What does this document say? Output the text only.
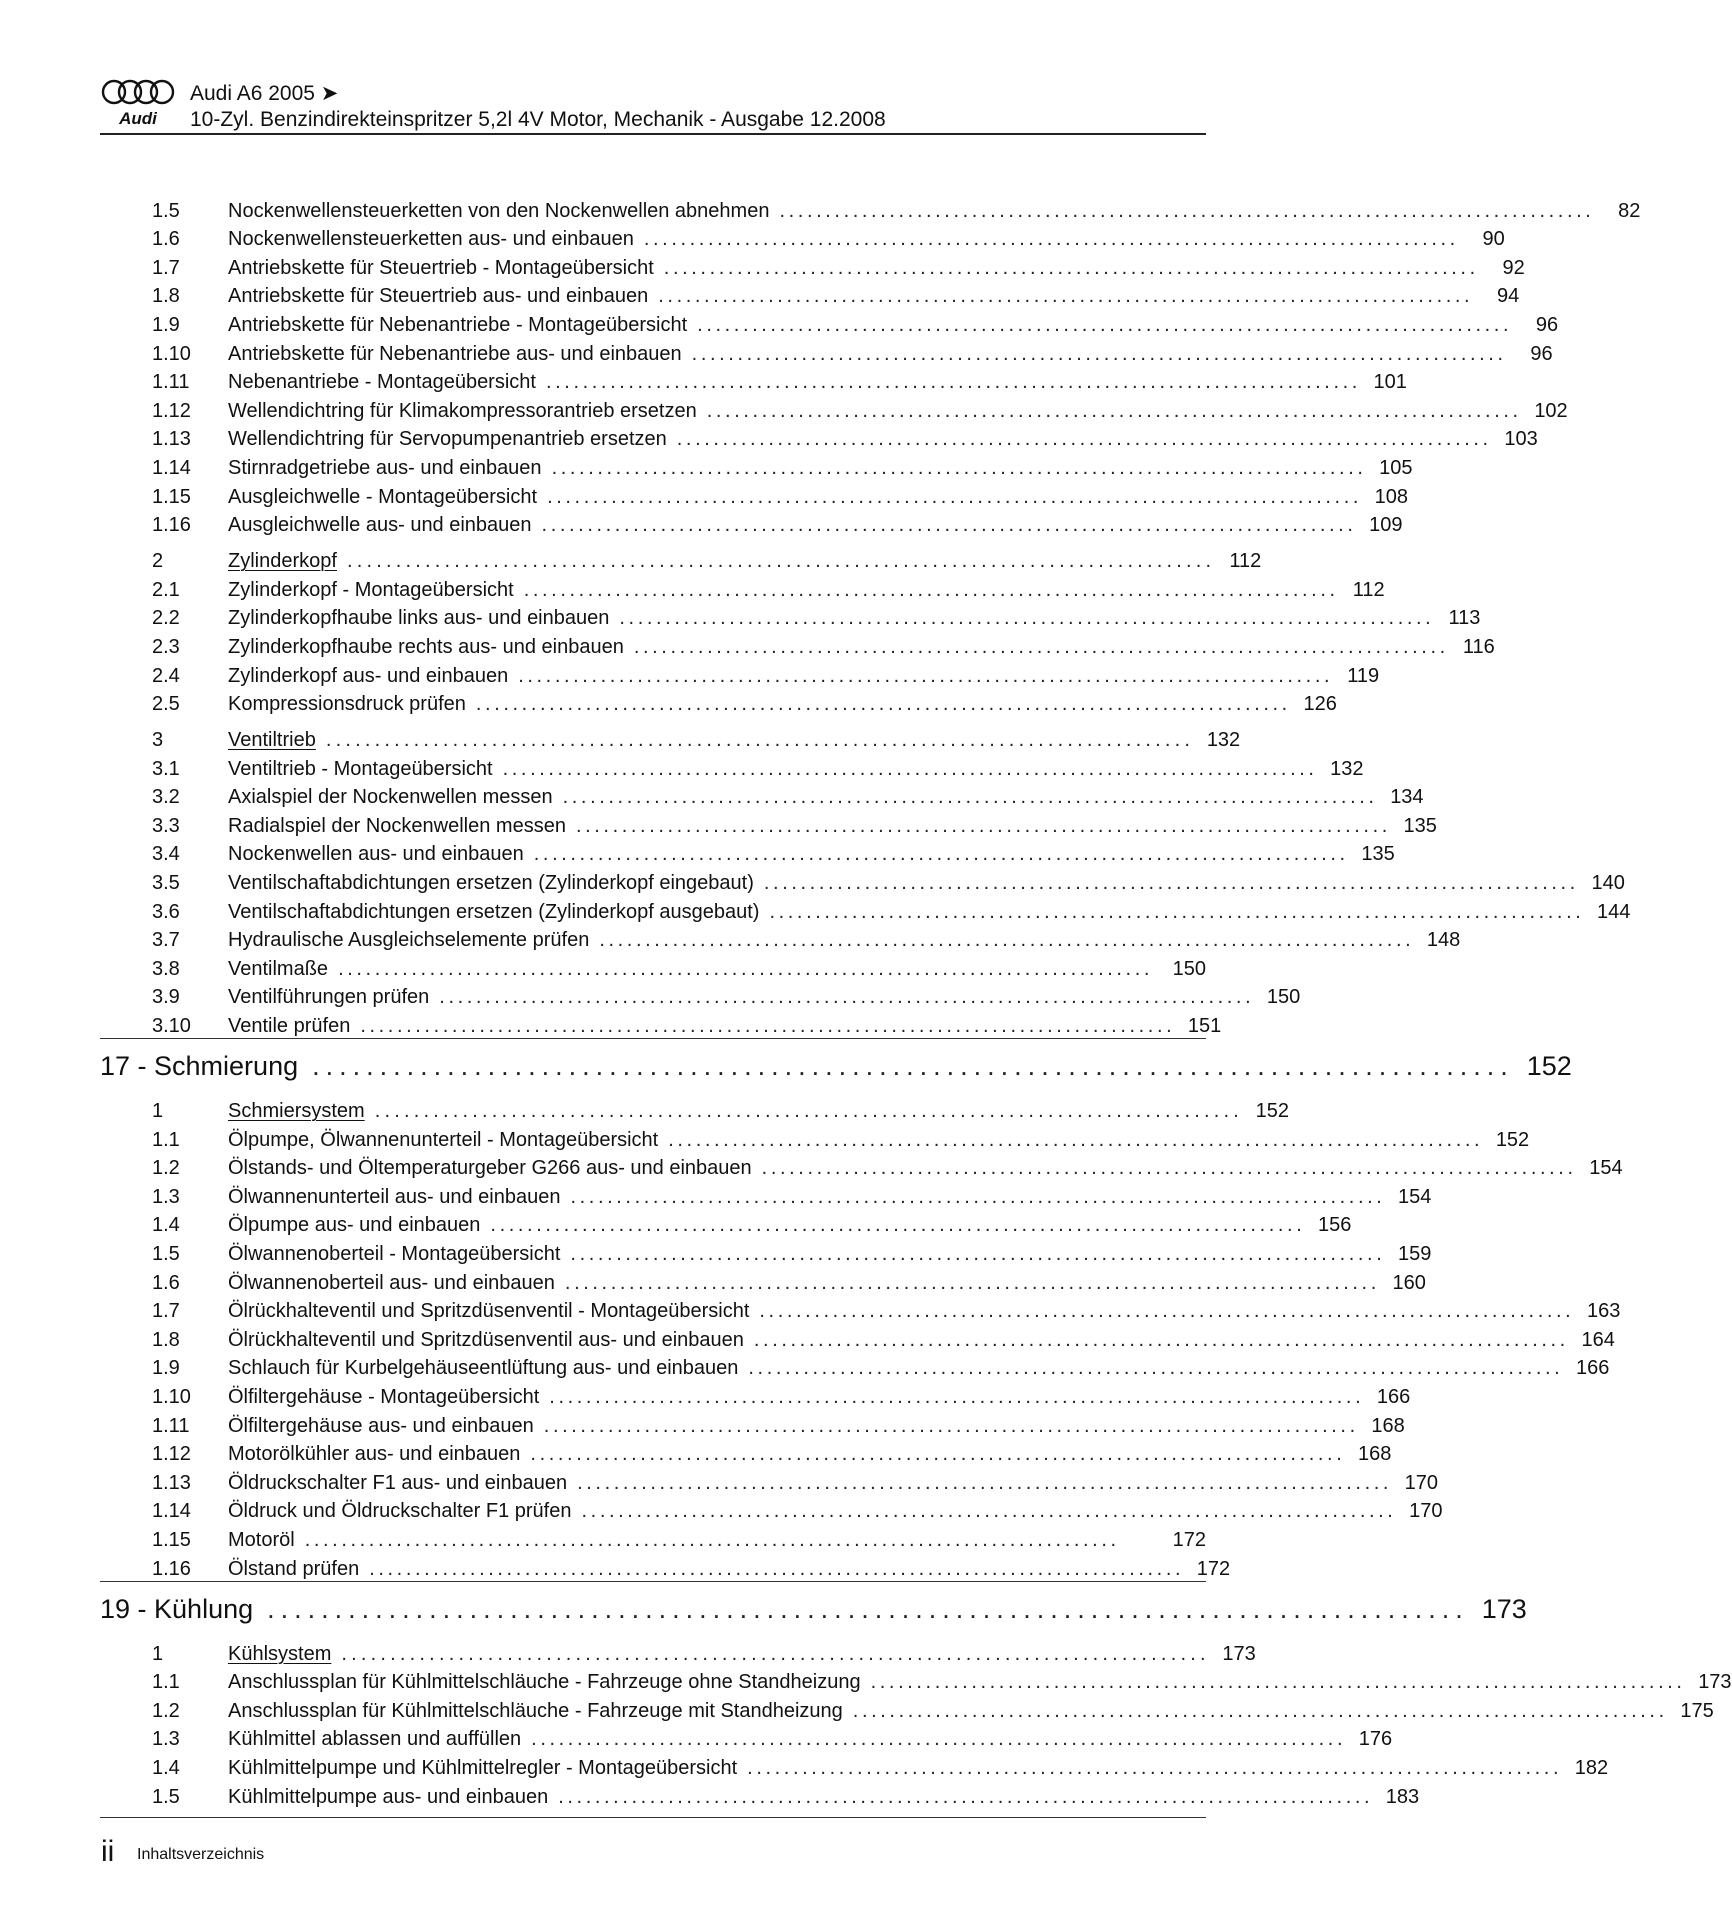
Audi
Audi A6 2005 ➤
10-Zyl. Benzindirekteinspritzer 5,2l 4V Motor, Mechanik - Ausgabe 12.2008
1.5	Nockenwellensteuerketten von den Nockenwellen abnehmen .........................................................................................	82
1.6	Nockenwellensteuerketten aus- und einbauen .........................................................................................	90
1.7	Antriebskette für Steuertrieb - Montageübersicht .........................................................................................	92
1.8	Antriebskette für Steuertrieb aus- und einbauen .........................................................................................	94
1.9	Antriebskette für Nebenantriebe - Montageübersicht .........................................................................................	96
1.10	Antriebskette für Nebenantriebe aus- und einbauen .........................................................................................	96
1.11	Nebenantriebe - Montageübersicht ......................................................................................... 101
1.12	Wellendichtring für Klimakompressorantrieb ersetzen ......................................................................................... 102
1.13	Wellendichtring für Servopumpenantrieb ersetzen ......................................................................................... 103
1.14	Stirnradgetriebe aus- und einbauen ......................................................................................... 105
1.15	Ausgleichwelle - Montageübersicht ......................................................................................... 108
1.16	Ausgleichwelle aus- und einbauen ......................................................................................... 109
2	Zylinderkopf ......................................................................................... 112
2.1	Zylinderkopf - Montageübersicht ......................................................................................... 112
2.2	Zylinderkopfhaube links aus- und einbauen ......................................................................................... 113
2.3	Zylinderkopfhaube rechts aus- und einbauen ......................................................................................... 116
2.4	Zylinderkopf aus- und einbauen ......................................................................................... 119
2.5	Kompressionsdruck prüfen ......................................................................................... 126
3	Ventiltrieb ......................................................................................... 132
3.1	Ventiltrieb - Montageübersicht ......................................................................................... 132
3.2	Axialspiel der Nockenwellen messen ......................................................................................... 134
3.3	Radialspiel der Nockenwellen messen ......................................................................................... 135
3.4	Nockenwellen aus- und einbauen ......................................................................................... 135
3.5	Ventilschaftabdichtungen ersetzen (Zylinderkopf eingebaut) ......................................................................................... 140
3.6	Ventilschaftabdichtungen ersetzen (Zylinderkopf ausgebaut) ......................................................................................... 144
3.7	Hydraulische Ausgleichselemente prüfen ......................................................................................... 148
3.8	Ventilmaße ......................................................................................... 150
3.9	Ventilführungen prüfen ......................................................................................... 150
3.10	Ventile prüfen ......................................................................................... 151
17 - Schmierung ......................................................................................... 152
1	Schmiersystem ......................................................................................... 152
1.1	Ölpumpe, Ölwannenunterteil - Montageübersicht ......................................................................................... 152
1.2	Ölstands- und Öltemperaturgeber G266 aus- und einbauen ......................................................................................... 154
1.3	Ölwannenunterteil aus- und einbauen ......................................................................................... 154
1.4	Ölpumpe aus- und einbauen ......................................................................................... 156
1.5	Ölwannenoberteil - Montageübersicht ......................................................................................... 159
1.6	Ölwannenoberteil aus- und einbauen ......................................................................................... 160
1.7	Ölrückhalteventil und Spritzdüsenventil - Montageübersicht ......................................................................................... 163
1.8	Ölrückhalteventil und Spritzdüsenventil aus- und einbauen ......................................................................................... 164
1.9	Schlauch für Kurbelgehäuseentlüftung aus- und einbauen ......................................................................................... 166
1.10	Ölfiltergehäuse - Montageübersicht ......................................................................................... 166
1.11	Ölfiltergehäuse aus- und einbauen ......................................................................................... 168
1.12	Motorölkühler aus- und einbauen ......................................................................................... 168
1.13	Öldruckschalter F1 aus- und einbauen ......................................................................................... 170
1.14	Öldruck und Öldruckschalter F1 prüfen ......................................................................................... 170
1.15	Motoröl .........................................................................................	172
1.16	Ölstand prüfen ......................................................................................... 172
19 - Kühlung ......................................................................................... 173
1	Kühlsystem ......................................................................................... 173
1.1	Anschlussplan für Kühlmittelschläuche - Fahrzeuge ohne Standheizung ......................................................................................... 173
1.2	Anschlussplan für Kühlmittelschläuche - Fahrzeuge mit Standheizung ......................................................................................... 175
1.3	Kühlmittel ablassen und auffüllen ......................................................................................... 176
1.4	Kühlmittelpumpe und Kühlmittelregler - Montageübersicht ......................................................................................... 182
1.5	Kühlmittelpumpe aus- und einbauen ......................................................................................... 183
ii Inhaltsverzeichnis
